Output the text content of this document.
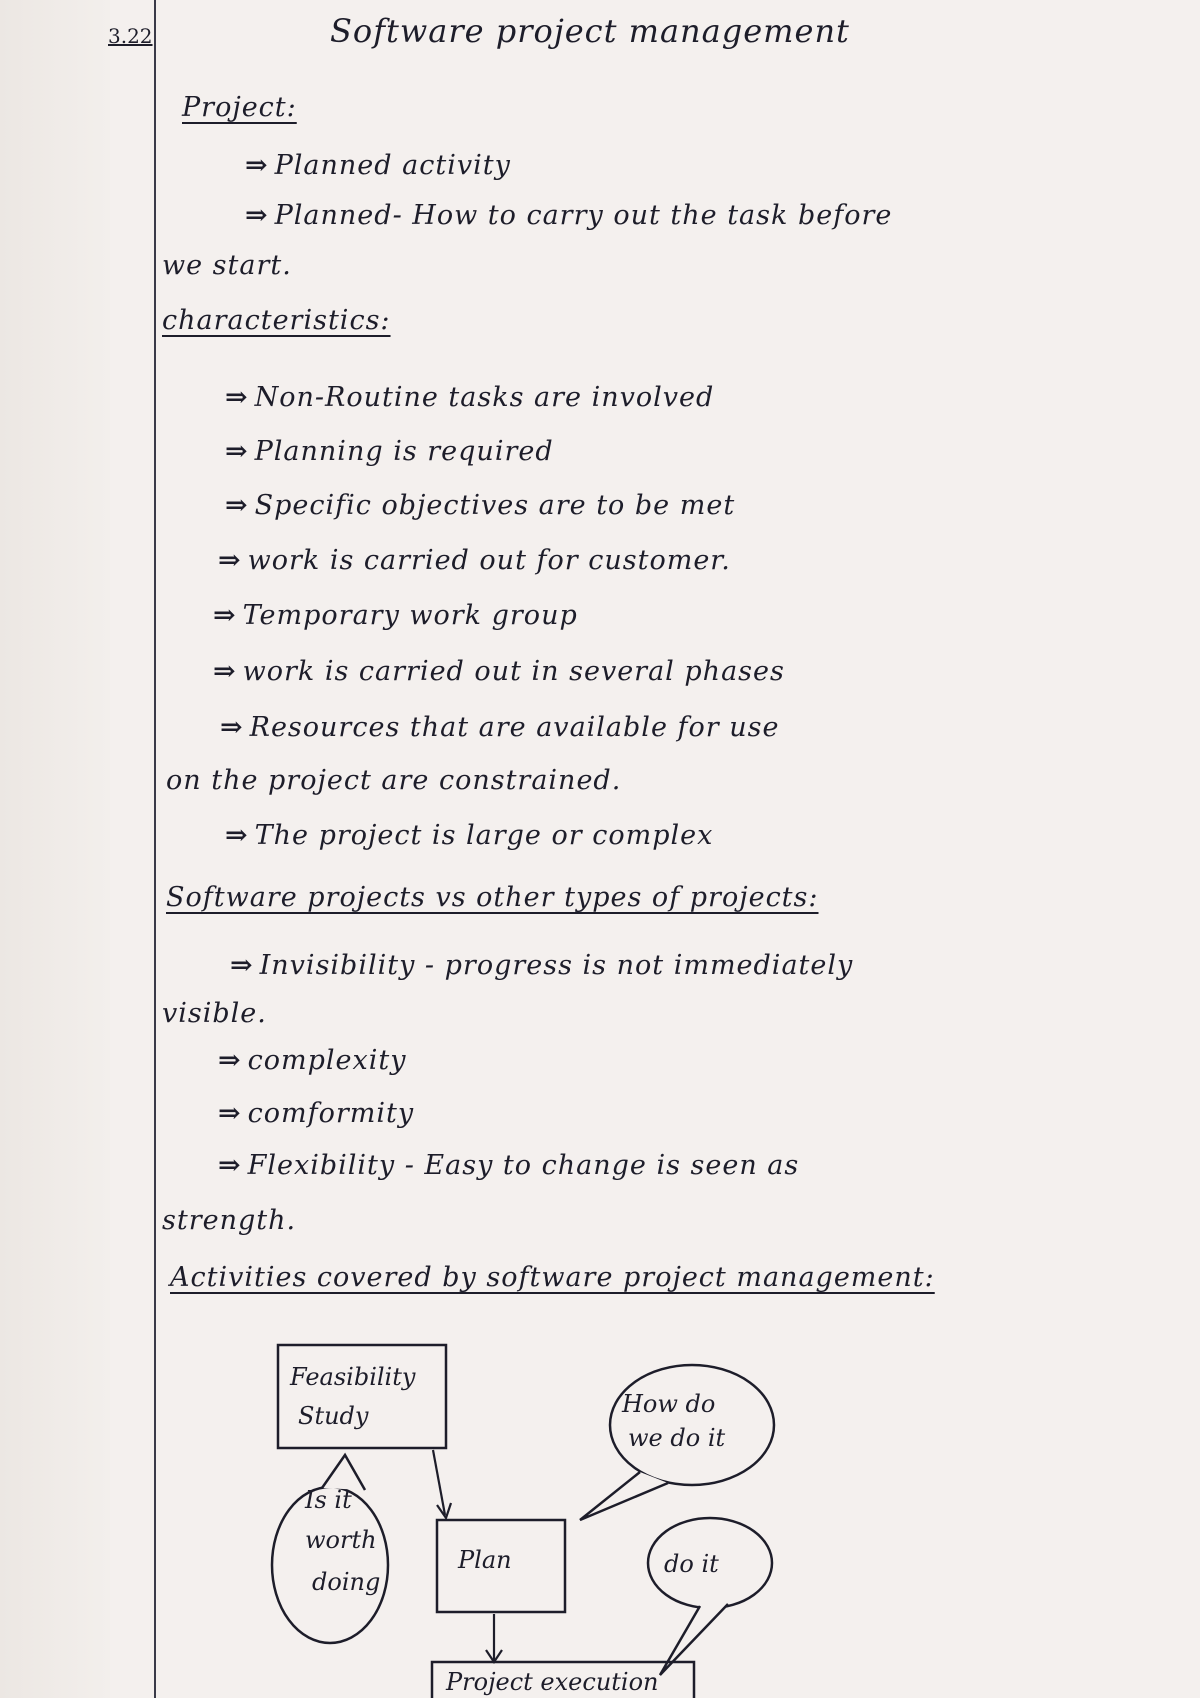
3.22	Software project management
Project:
⇒ Planned activity
⇒ Planned- How to carry out the task before
we start.
characteristics:
⇒ Non-Routine tasks are involved
⇒ Planning is required
⇒ Specific objectives are to be met
⇒ work is carried out for customer.
⇒ Temporary work group
⇒ work is carried out in several phases
⇒ Resources that are available for use
on the project are constrained.
⇒ The project is large or complex
Software projects vs other types of projects:
⇒ Invisibility - progress is not immediately
visible.
⇒ complexity
⇒ comformity
⇒ Flexibility - Easy to change is seen as
strength.
Activities covered by software project management:
Feasibility
Study
Is it
worth
doing
How do
we do it
Plan	do it
Project execution
